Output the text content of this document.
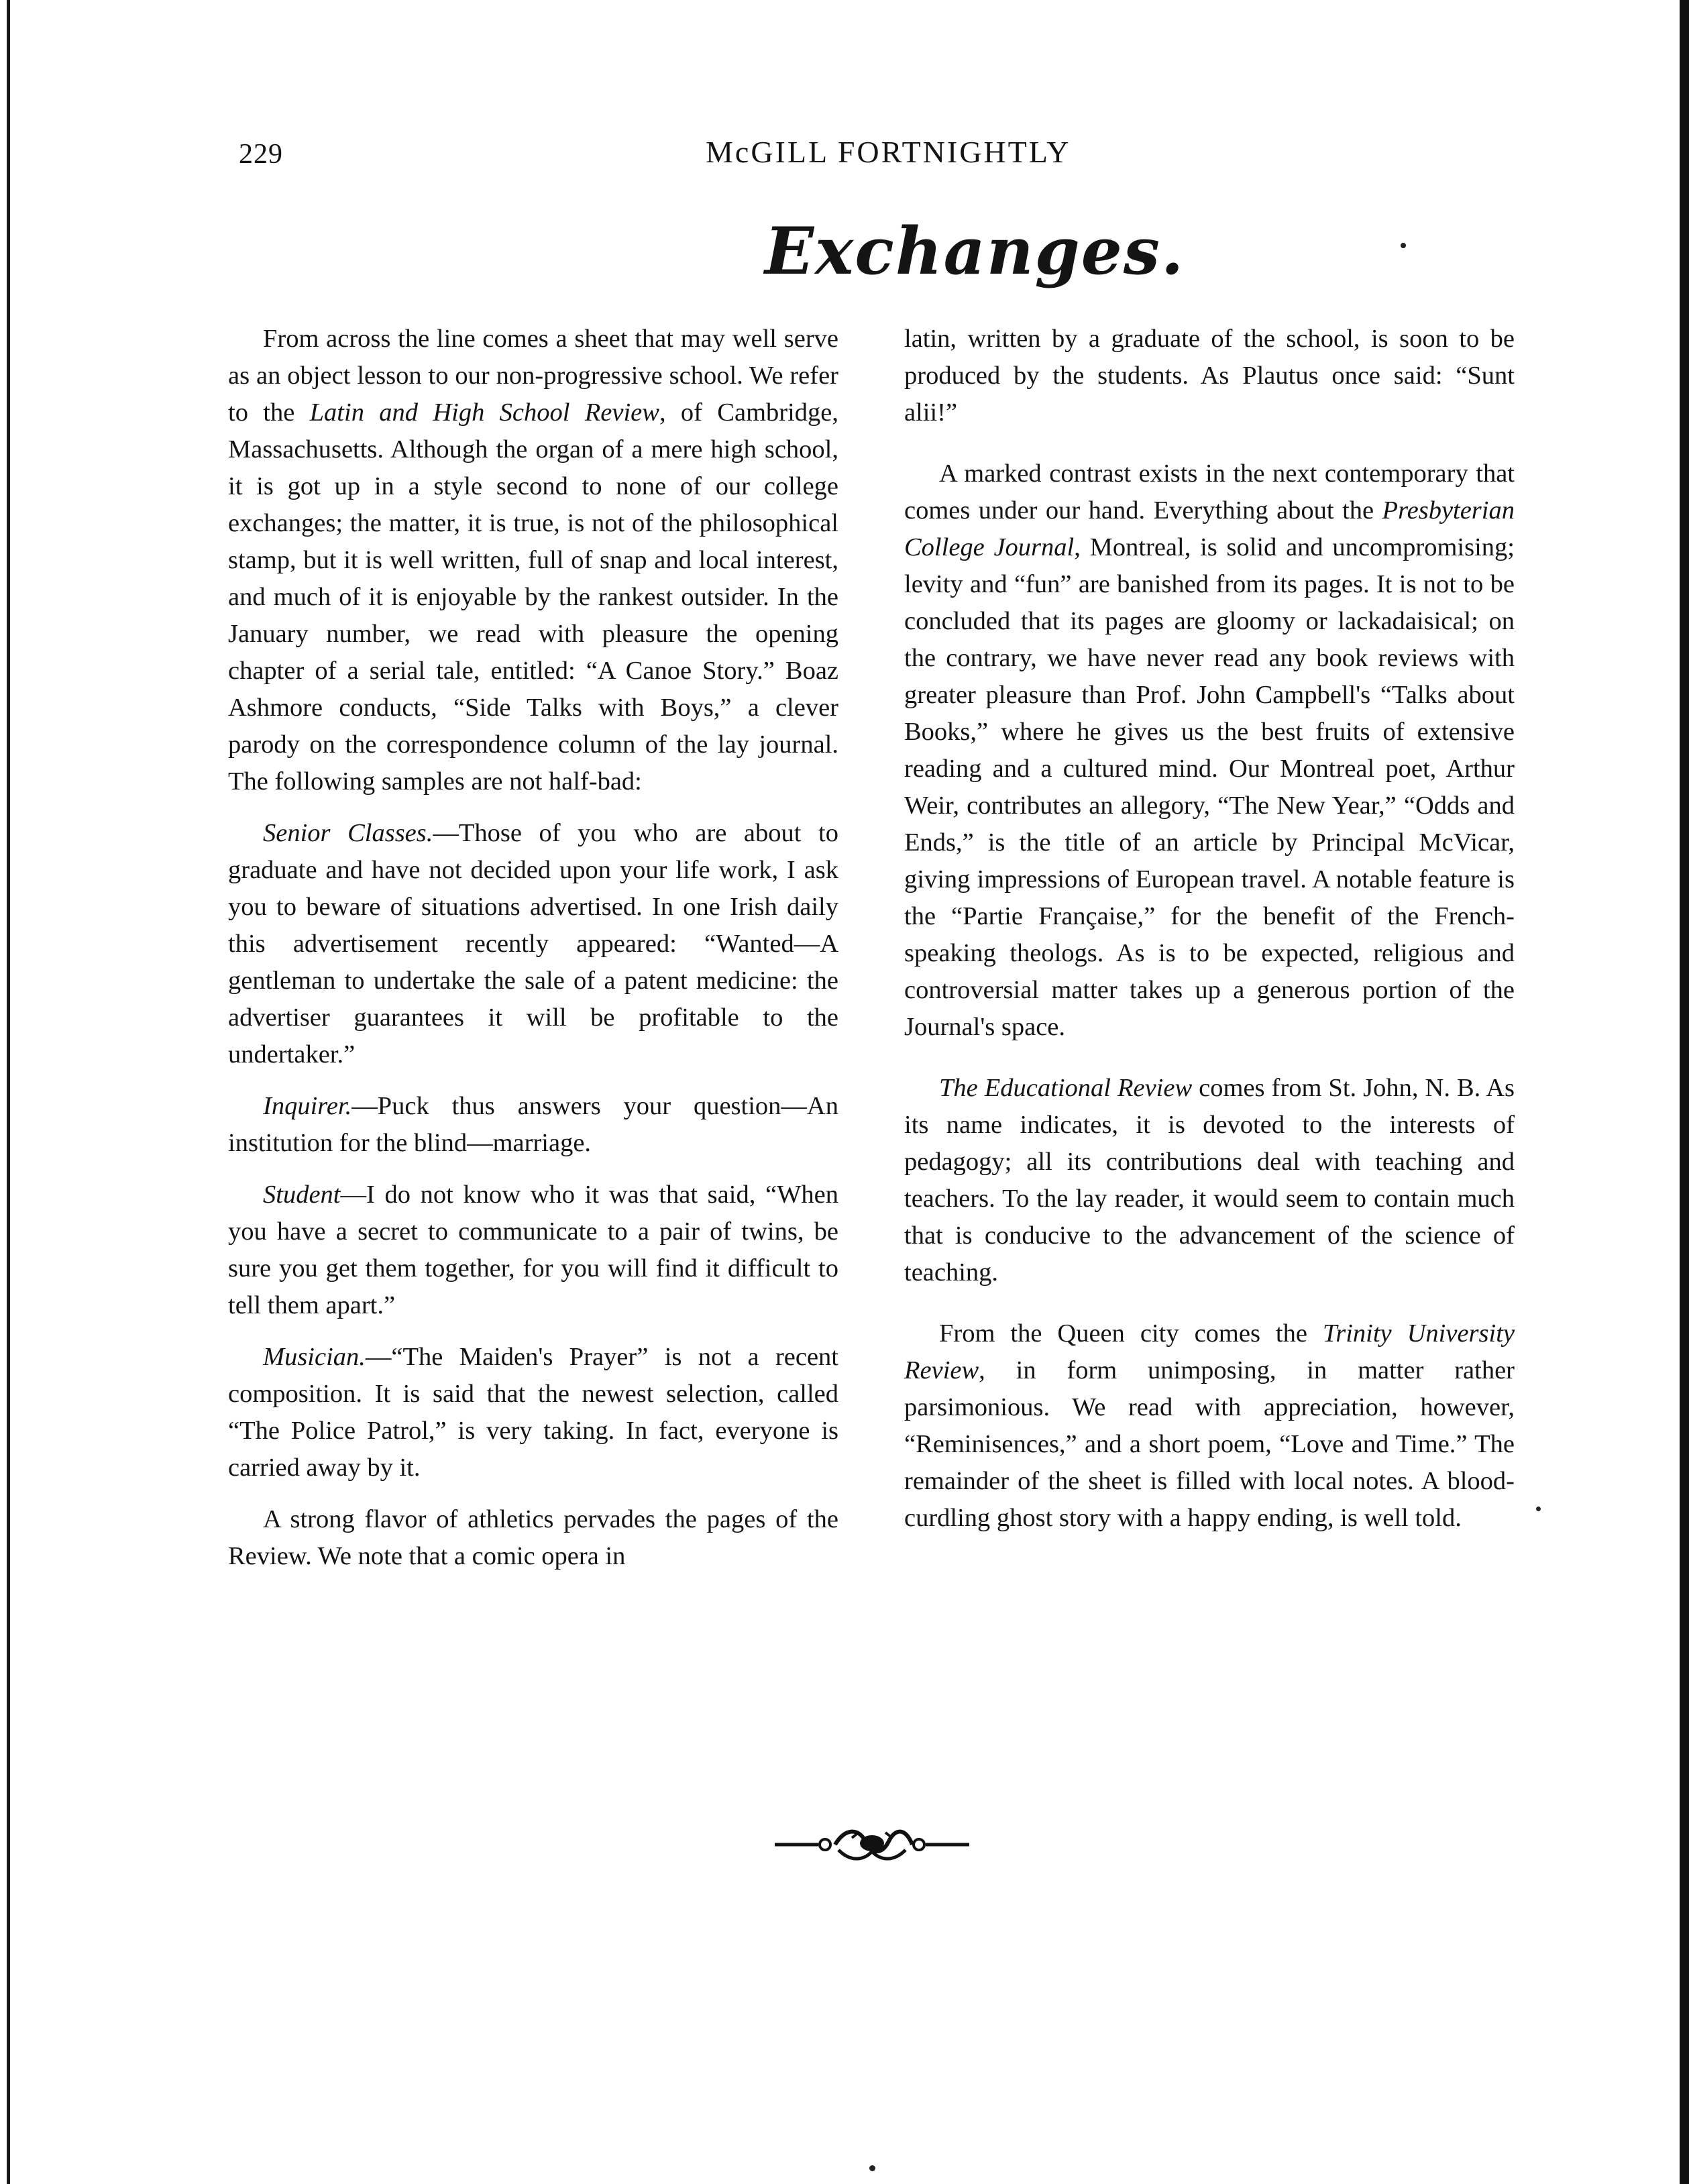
229	McGILL FORTNIGHTLY
Exchanges.

From across the line comes a sheet that may well serve as an object lesson to our non-progressive school. We refer to the Latin and High School Review, of Cambridge, Massachusetts. Although the organ of a mere high school, it is got up in a style second to none of our college exchanges; the matter, it is true, is not of the philosophical stamp, but it is well written, full of snap and local interest, and much of it is enjoyable by the rankest outsider. In the January number, we read with pleasure the opening chapter of a serial tale, entitled: “A Canoe Story.” Boaz Ashmore conducts, “Side Talks with Boys,” a clever parody on the correspondence column of the lay journal. The following samples are not half-bad:

Senior Classes.—Those of you who are about to graduate and have not decided upon your life work, I ask you to beware of situations advertised. In one Irish daily this advertisement recently appeared: “Wanted—A gentleman to undertake the sale of a patent medicine: the advertiser guarantees it will be profitable to the undertaker.”

Inquirer.—Puck thus answers your question—An institution for the blind—marriage.

Student—I do not know who it was that said, “When you have a secret to communicate to a pair of twins, be sure you get them together, for you will find it difficult to tell them apart.”

Musician.—“The Maiden's Prayer” is not a recent composition. It is said that the newest selection, called “The Police Patrol,” is very taking. In fact, everyone is carried away by it.

A strong flavor of athletics pervades the pages of the Review. We note that a comic opera in

latin, written by a graduate of the school, is soon to be produced by the students. As Plautus once said: “Sunt alii!”

A marked contrast exists in the next contemporary that comes under our hand. Everything about the Presbyterian College Journal, Montreal, is solid and uncompromising; levity and “fun” are banished from its pages. It is not to be concluded that its pages are gloomy or lackadaisical; on the contrary, we have never read any book reviews with greater pleasure than Prof. John Campbell's “Talks about Books,” where he gives us the best fruits of extensive reading and a cultured mind. Our Montreal poet, Arthur Weir, contributes an allegory, “The New Year,” “Odds and Ends,” is the title of an article by Principal McVicar, giving impressions of European travel. A notable feature is the “Partie Française,” for the benefit of the French-speaking theologs. As is to be expected, religious and controversial matter takes up a generous portion of the Journal's space.

The Educational Review comes from St. John, N. B. As its name indicates, it is devoted to the interests of pedagogy; all its contributions deal with teaching and teachers. To the lay reader, it would seem to contain much that is conducive to the advancement of the science of teaching.

From the Queen city comes the Trinity University Review, in form unimposing, in matter rather parsimonious. We read with appreciation, however, “Reminisences,” and a short poem, “Love and Time.” The remainder of the sheet is filled with local notes. A blood-curdling ghost story with a happy ending, is well told.
